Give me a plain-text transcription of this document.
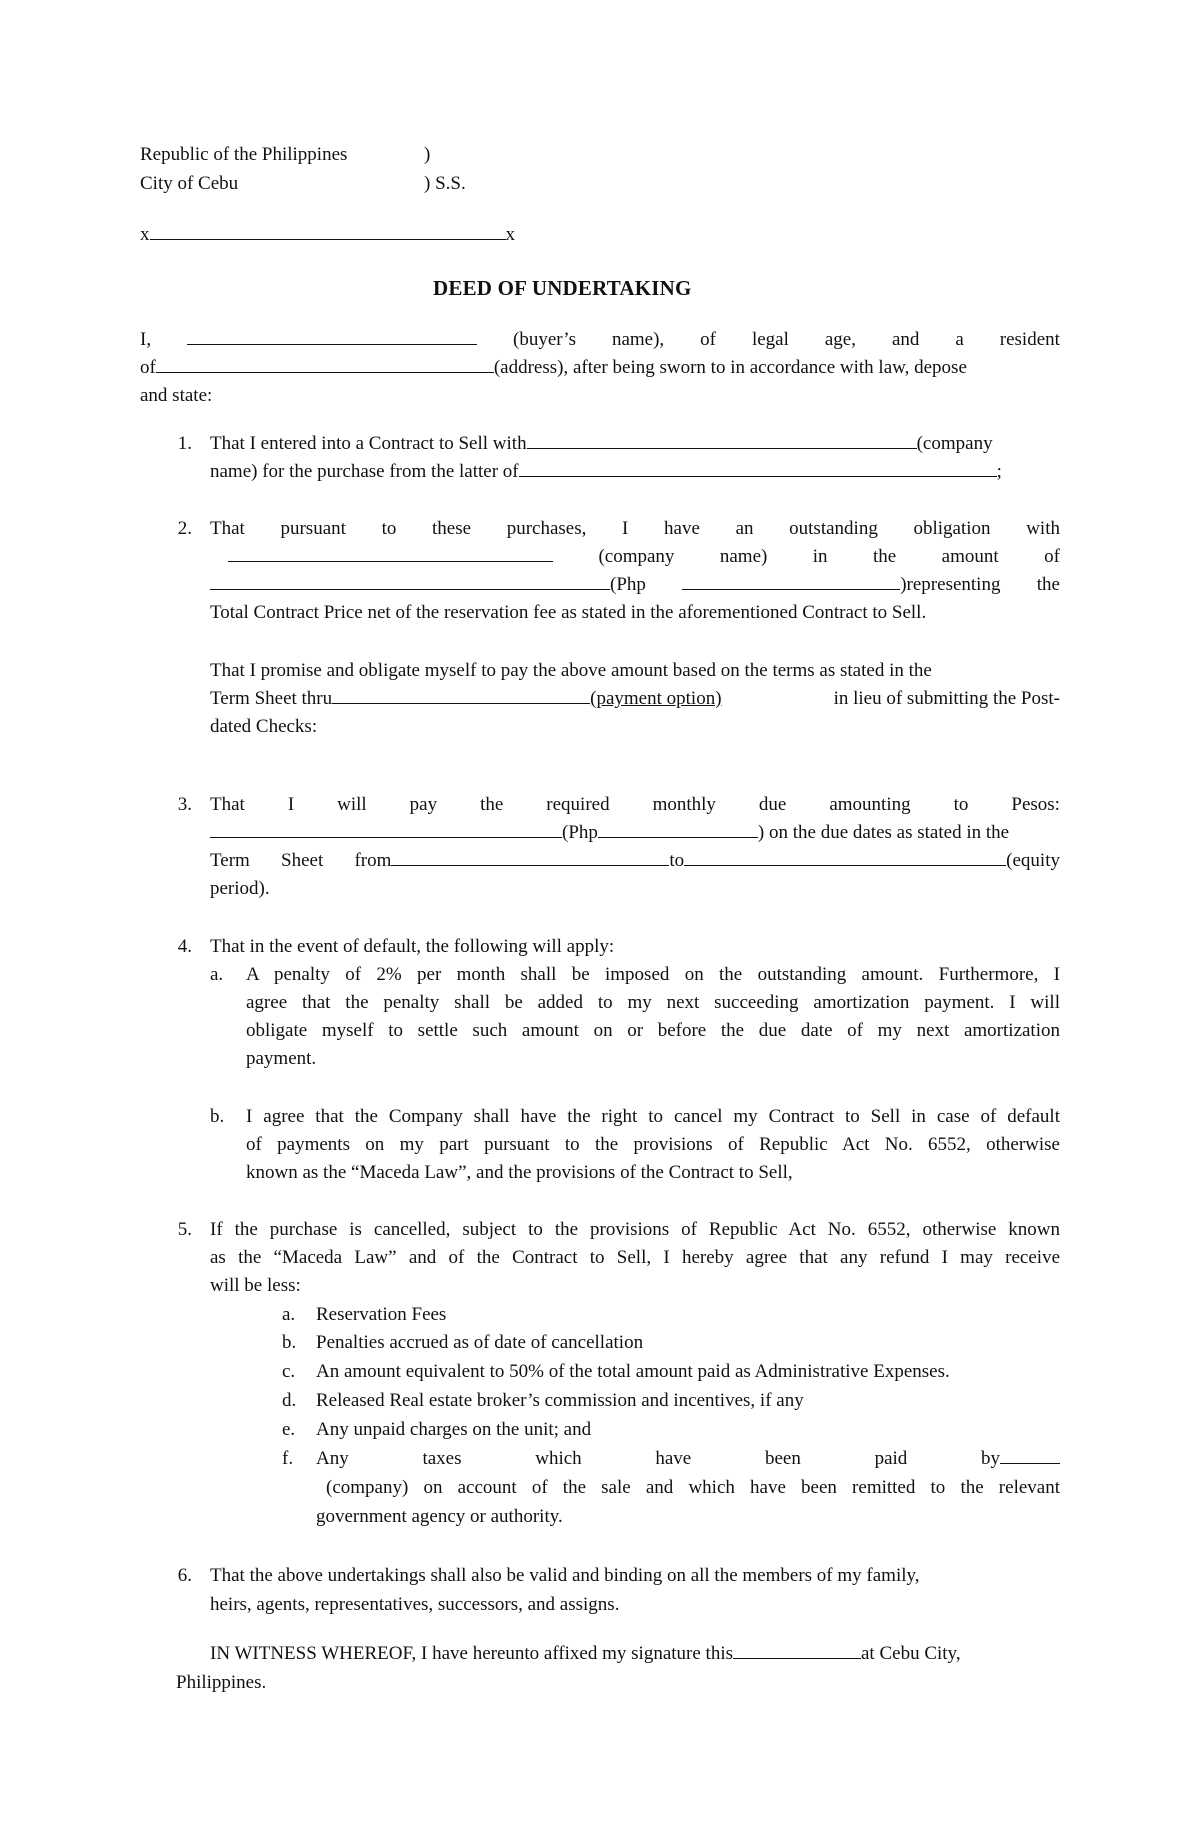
Republic of the Philippines	)
City of Cebu	) S.S.
x	x
DEED OF UNDERTAKING
I,	(buyer’s name), of legal age, and a resident
of	(address), after being sworn to in accordance with law, depose
and state:
1. That I entered into a Contract to Sell with	(company
name) for the purchase from the latter of	;
2. That pursuant to these purchases, I have an outstanding obligation with
(company name) in the amount of
(Php	)representing the
Total Contract Price net of the reservation fee as stated in the aforementioned Contract to Sell.
That I promise and obligate myself to pay the above amount based on the terms as stated in the
Term Sheet thru	(payment option)	in lieu of submitting the Post-
dated Checks:
3. That I will pay the required monthly due amounting to Pesos:
(Php	) on the due dates as stated in the
Term Sheet from	to	(equity
period).
4. That in the event of default, the following will apply:
a. A penalty of 2% per month shall be imposed on the outstanding amount. Furthermore, I
agree that the penalty shall be added to my next succeeding amortization payment. I will
obligate myself to settle such amount on or before the due date of my next amortization
payment.
b. I agree that the Company shall have the right to cancel my Contract to Sell in case of default
of payments on my part pursuant to the provisions of Republic Act No. 6552, otherwise
known as the “Maceda Law”, and the provisions of the Contract to Sell,
5. If the purchase is cancelled, subject to the provisions of Republic Act No. 6552, otherwise known
as the “Maceda Law” and of the Contract to Sell, I hereby agree that any refund I may receive
will be less:
a. Reservation Fees
b. Penalties accrued as of date of cancellation
c. An amount equivalent to 50% of the total amount paid as Administrative Expenses.
d. Released Real estate broker’s commission and incentives, if any
e. Any unpaid charges on the unit; and
f. Any	taxes	which	have	been	paid	by
(company) on account of the sale and which have been remitted to the relevant
government agency or authority.
6. That the above undertakings shall also be valid and binding on all the members of my family,
heirs, agents, representatives, successors, and assigns.
IN WITNESS WHEREOF, I have hereunto affixed my signature this	at Cebu City,
Philippines.
